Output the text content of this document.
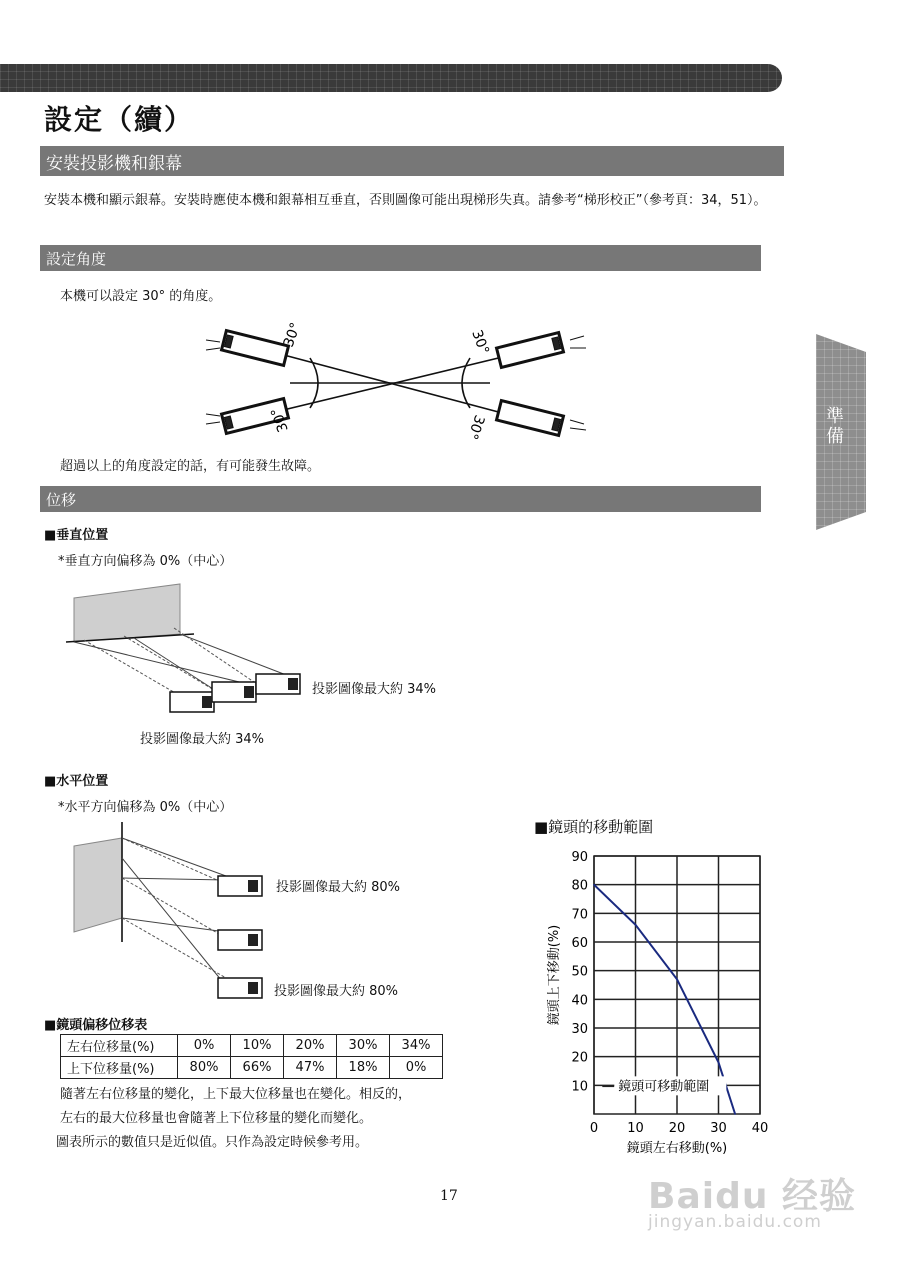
設定（續）
安裝投影機和銀幕
安裝本機和顯示銀幕。安裝時應使本機和銀幕相互垂直，否則圖像可能出現梯形失真。請參考“梯形校正”（參考頁：34，51）。
設定角度
本機可以設定 30° 的角度。
30°
30°
30°
30°
超過以上的角度設定的話，有可能發生故障。
位移
■垂直位置
*垂直方向偏移為 0%（中心）
投影圖像最大約 34%
投影圖像最大約 34%
■水平位置
*水平方向偏移為 0%（中心）
投影圖像最大約 80%
投影圖像最大約 80%
■鏡頭偏移位移表
左右位移量(%)	0%	10%	20%	30%	34%
上下位移量(%)	80%	66%	47%	18%	0%
隨著左右位移量的變化，上下最大位移量也在變化。相反的，
左右的最大位移量也會隨著上下位移量的變化而變化。
圖表所示的數值只是近似值。只作為設定時候參考用。
■鏡頭的移動範圍
0 10 20 30 40
10
20
30
40
50
60
70
80
90
鏡頭可移動範圍
鏡頭左右移動(%)
鏡頭上下移動(%)
準備
17	Baidu 经验
jingyan.baidu.com
